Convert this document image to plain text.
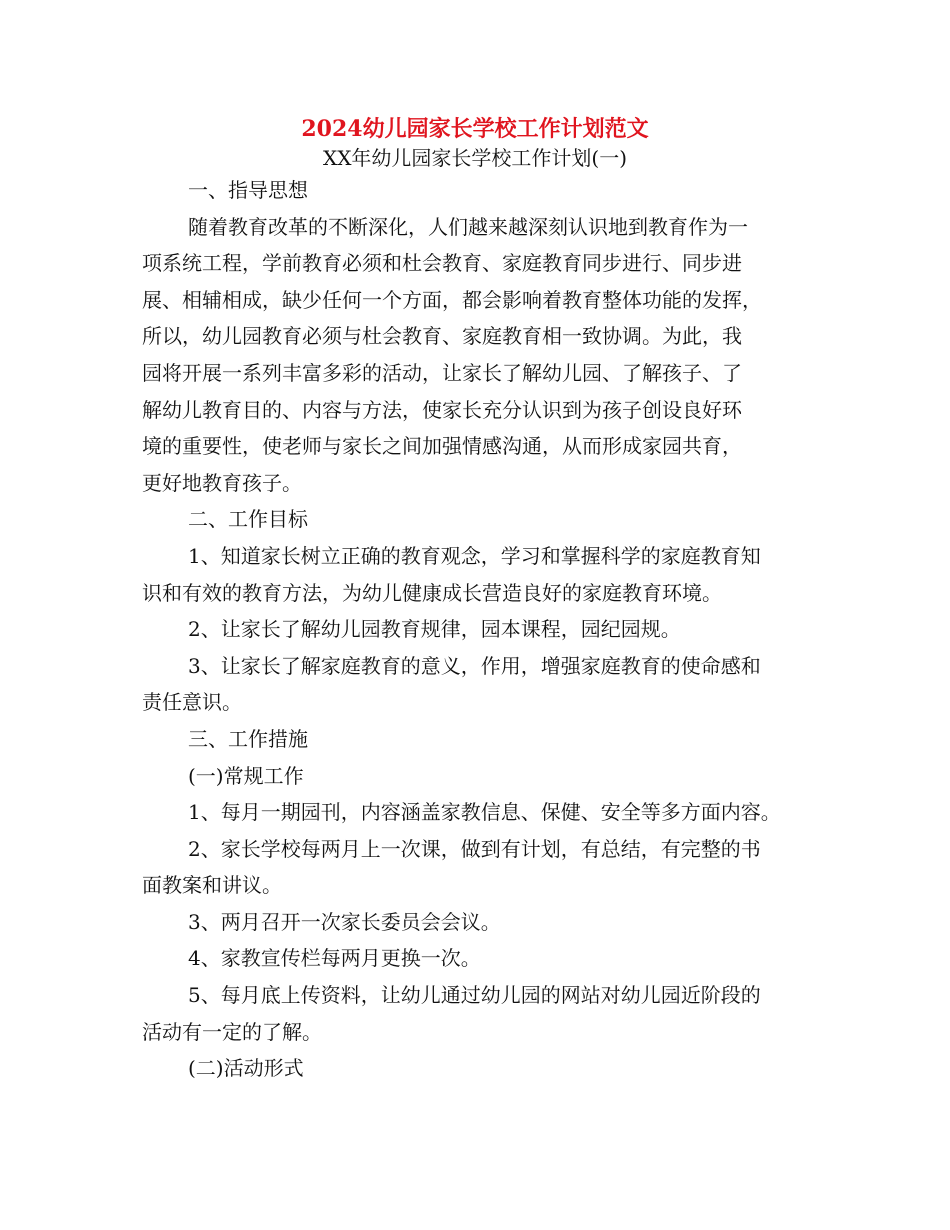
2024幼儿园家长学校工作计划范文
XX年幼儿园家长学校工作计划(一)
一、指导思想
随着教育改革的不断深化，人们越来越深刻认识地到教育作为一
项系统工程，学前教育必须和杜会教育、家庭教育同步进行、同步进
展、相辅相成，缺少任何一个方面，都会影响着教育整体功能的发挥，
所以，幼儿园教育必须与杜会教育、家庭教育相一致协调。为此，我
园将开展一系列丰富多彩的活动，让家长了解幼儿园、了解孩子、了
解幼儿教育目的、内容与方法，使家长充分认识到为孩子创设良好环
境的重要性，使老师与家长之间加强情感沟通，从而形成家园共育，
更好地教育孩子。
二、工作目标
1、知道家长树立正确的教育观念，学习和掌握科学的家庭教育知
识和有效的教育方法，为幼儿健康成长营造良好的家庭教育环境。
2、让家长了解幼儿园教育规律，园本课程，园纪园规。
3、让家长了解家庭教育的意义，作用，增强家庭教育的使命感和
责任意识。
三、工作措施
(一)常规工作
1、每月一期园刊，内容涵盖家教信息、保健、安全等多方面内容。
2、家长学校每两月上一次课，做到有计划，有总结，有完整的书
面教案和讲议。
3、两月召开一次家长委员会会议。
4、家教宣传栏每两月更换一次。
5、每月底上传资料，让幼儿通过幼儿园的网站对幼儿园近阶段的
活动有一定的了解。
(二)活动形式
